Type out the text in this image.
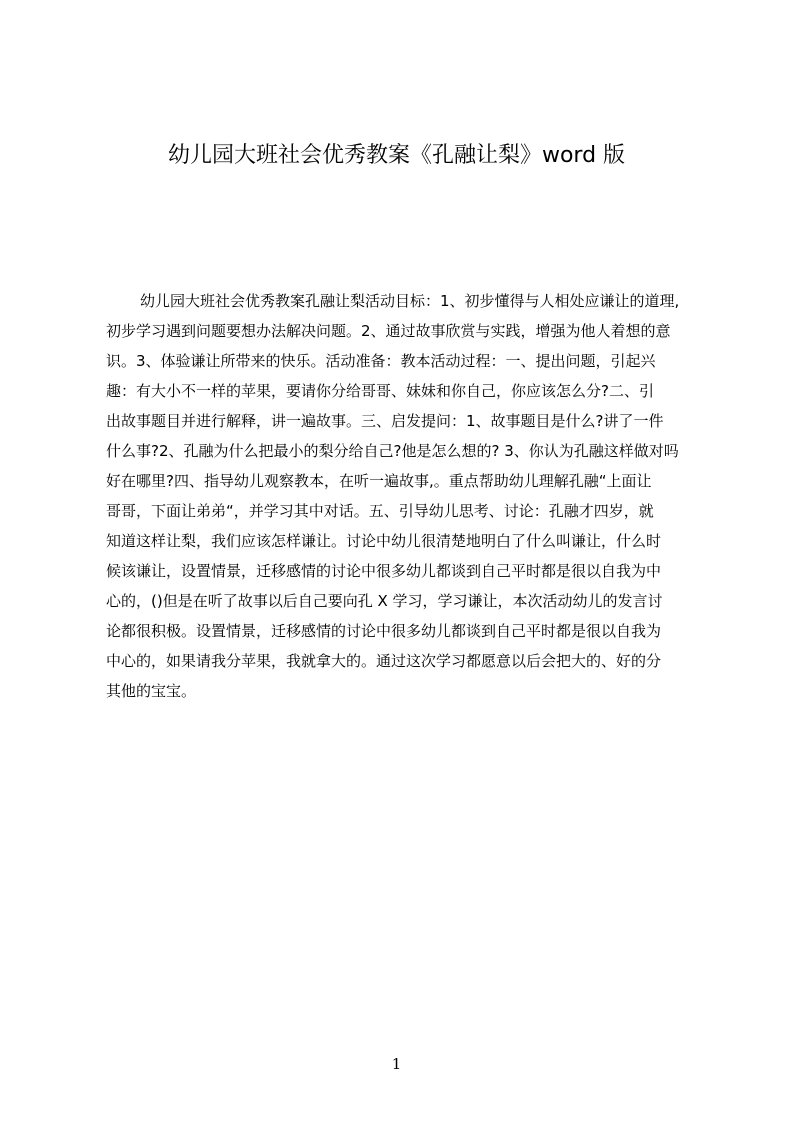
幼儿园大班社会优秀教案《孔融让梨》word 版
幼儿园大班社会优秀教案孔融让梨活动目标：1、初步懂得与人相处应谦让的道理,
初步学习遇到问题要想办法解决问题。2、通过故事欣赏与实践，增强为他人着想的意
识。3、体验谦让所带来的快乐。活动准备：教本活动过程：一、提出问题，引起兴
趣：有大小不一样的苹果，要请你分给哥哥、妹妹和你自己，你应该怎么分?二、引
出故事题目并进行解释，讲一遍故事。三、启发提问：1、故事题目是什么?讲了一件
什么事?2、孔融为什么把最小的梨分给自己?他是怎么想的? 3、你认为孔融这样做对吗
好在哪里?四、指导幼儿观察教本，在听一遍故事,。重点帮助幼儿理解孔融“上面让
哥哥，下面让弟弟“，并学习其中对话。五、引导幼儿思考、讨论：孔融才四岁，就
知道这样让梨，我们应该怎样谦让。讨论中幼儿很清楚地明白了什么叫谦让，什么时
候该谦让，设置情景，迁移感情的讨论中很多幼儿都谈到自己平时都是很以自我为中
心的，()但是在听了故事以后自己要向孔 X 学习，学习谦让，本次活动幼儿的发言讨
论都很积极。设置情景，迁移感情的讨论中很多幼儿都谈到自己平时都是很以自我为
中心的，如果请我分苹果，我就拿大的。通过这次学习都愿意以后会把大的、好的分
其他的宝宝。
1
